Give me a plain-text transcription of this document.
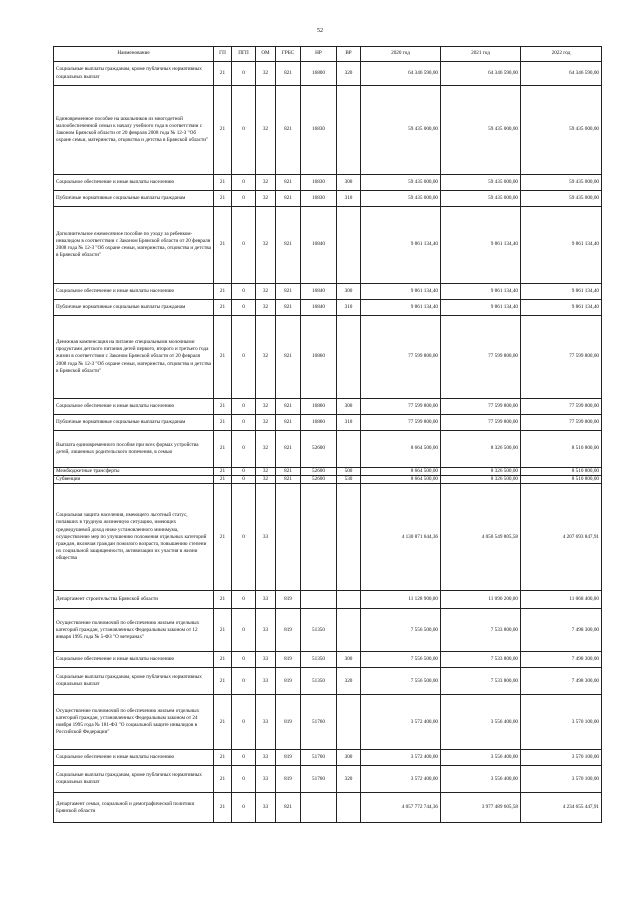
52
Наименование	ГП	ПГП	ОМ	ГРБС	НР	ВР	2020 год	2021 год	2022 год
Социальные выплаты гражданам, кроме публичных нормативных социальных выплат	21	0	32	821	16800	320	64 346 590,00	64 346 590,00	64 346 590,00
Единовременное пособие на школьников из многодетной малообеспеченной семьи к началу учебного года в соответствии с Законом Брянской области от 20 февраля 2008 года № 12-З "Об охране семьи, материнства, отцовства и детства в Брянской области"	21	0	32	821	16830		59 435 000,00	59 435 000,00	59 435 000,00
Социальное обеспечение и иные выплаты населению	21	0	32	821	16830	300	59 435 000,00	59 435 000,00	59 435 000,00
Публичные нормативные социальные выплаты гражданам	21	0	32	821	16830	310	59 435 000,00	59 435 000,00	59 435 000,00
Дополнительное ежемесячное пособие по уходу за ребенком-инвалидом в соответствии с Законом Брянской области от 20 февраля 2008 года № 12-З "Об охране семьи, материнства, отцовства и детства в Брянской области"	21	0	32	821	16840		9 861 134,40	9 861 134,40	9 861 134,40
Социальное обеспечение и иные выплаты населению	21	0	32	821	16840	300	9 861 134,40	9 861 134,40	9 861 134,40
Публичные нормативные социальные выплаты гражданам	21	0	32	821	16840	310	9 861 134,40	9 861 134,40	9 861 134,40
Денежная компенсация на питание специальными молочными продуктами детского питания детей первого, второго и третьего года жизни в соответствии с Законом Брянской области от 20 февраля 2008 года № 12-З "Об охране семьи, материнства, отцовства и детства в Брянской области"	21	0	32	821	16860		77 599 800,00	77 599 800,00	77 599 800,00
Социальное обеспечение и иные выплаты населению	21	0	32	821	16860	300	77 599 800,00	77 599 800,00	77 599 800,00
Публичные нормативные социальные выплаты гражданам	21	0	32	821	16860	310	77 599 800,00	77 599 800,00	77 599 800,00
Выплата единовременного пособия при всех формах устройства детей, лишенных родительского попечения, в семью	21	0	32	821	52600		8 664 500,00	8 326 500,00	8 510 800,00
Межбюджетные трансферты	21	0	32	821	52600	500	8 664 500,00	8 326 500,00	8 510 800,00
Субвенции	21	0	32	821	52600	530	8 664 500,00	8 326 500,00	8 510 800,00
Социальная защита населения, имеющего льготный статус, попавших в трудную жизненную ситуацию, имеющих среднедушевой доход ниже установленного минимума, осуществление мер по улучшению положения отдельных категорий граждан, включая граждан пожилого возраста, повышению степени их социальной защищенности, активизации их участия в жизни общества	21	0	33				4 130 871 644,36	4 050 549 805,58	4 207 693 847,91
Департамент строительства Брянской области	21	0	33	819			11 128 900,00	11 090 200,00	11 068 400,00
Осуществление полномочий по обеспечению жильем отдельных категорий граждан, установленных Федеральным законом от 12 января 1995 года № 5-ФЗ "О ветеранах"	21	0	33	819	51350		7 556 500,00	7 533 800,00	7 498 300,00
Социальное обеспечение и иные выплаты населению	21	0	33	819	51350	300	7 556 500,00	7 533 800,00	7 498 300,00
Социальные выплаты гражданам, кроме публичных нормативных социальных выплат	21	0	33	819	51350	320	7 556 500,00	7 533 800,00	7 498 300,00
Осуществление полномочий по обеспечению жильем отдельных категорий граждан, установленных Федеральным законом от 24 ноября 1995 года № 181-ФЗ "О социальной защите инвалидов в Российской Федерации"	21	0	33	819	51760		3 572 400,00	3 556 400,00	3 570 100,00
Социальное обеспечение и иные выплаты населению	21	0	33	819	51760	300	3 572 400,00	3 556 400,00	3 570 100,00
Социальные выплаты гражданам, кроме публичных нормативных социальных выплат	21	0	33	819	51760	320	3 572 400,00	3 556 400,00	3 570 100,00
Департамент семьи, социальной и демографической политики Брянской области	21	0	33	821			4 057 772 744,36	3 977 489 605,58	4 234 655 447,91
